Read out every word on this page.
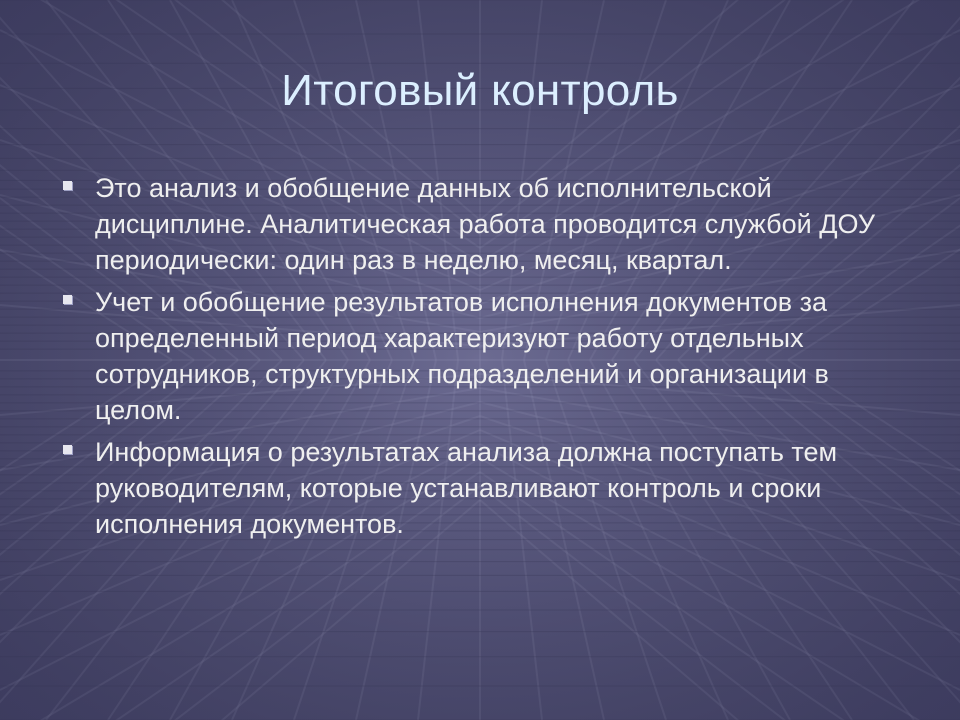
Итоговый контроль
Это анализ и обобщение данных об исполнительской дисциплине. Аналитическая работа проводится службой ДОУ периодически: один раз в неделю, месяц, квартал.
Учет и обобщение результатов исполнения документов за определенный период характеризуют работу отдельных сотрудников, структурных подразделений и организации в целом.
Информация о результатах анализа должна поступать тем руководителям, которые устанавливают контроль и сроки исполнения документов.
